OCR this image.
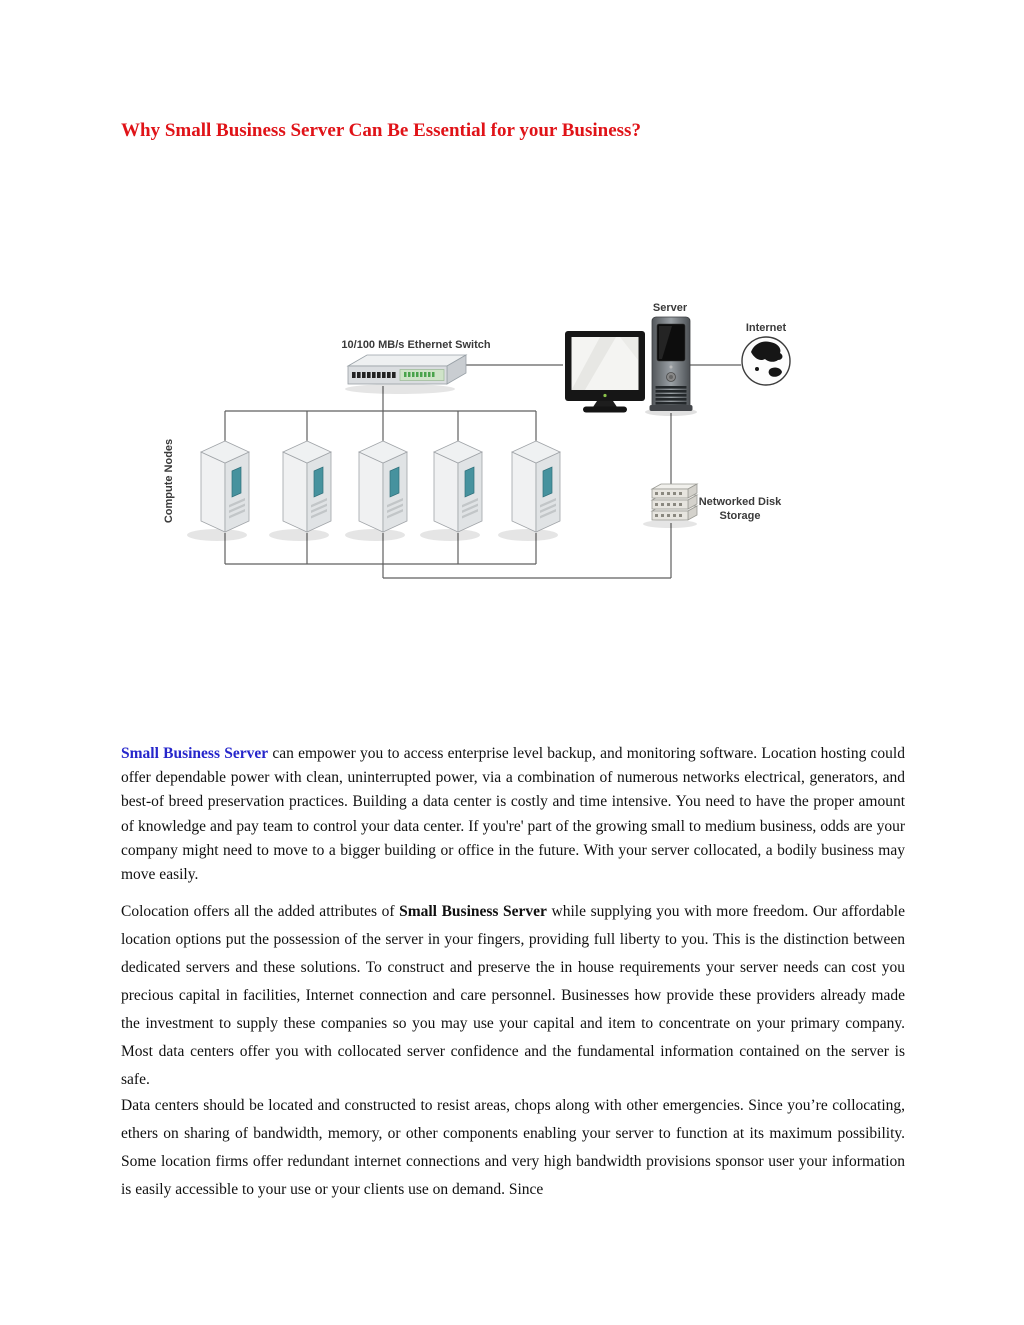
Why Small Business Server Can Be Essential for your Business?
10/100 MB/s Ethernet Switch
Server
Internet
Networked Disk
Storage
Compute Nodes

Small Business Server can empower you to access enterprise level backup, and monitoring software. Location hosting could offer dependable power with clean, uninterrupted power, via a combination of numerous networks electrical, generators, and best-of breed preservation practices. Building a data center is costly and time intensive. You need to have the proper amount of knowledge and pay team to control your data center. If you're' part of the growing small to medium business, odds are your company might need to move to a bigger building or office in the future. With your server collocated, a bodily business may move easily.

Colocation offers all the added attributes of Small Business Server while supplying you with more freedom. Our affordable location options put the possession of the server in your fingers, providing full liberty to you. This is the distinction between dedicated servers and these solutions. To construct and preserve the in house requirements your server needs can cost you precious capital in facilities, Internet connection and care personnel. Businesses how provide these providers already made the investment to supply these companies so you may use your capital and item to concentrate on your primary company. Most data centers offer you with collocated server confidence and the fundamental information contained on the server is safe.

Data centers should be located and constructed to resist areas, chops along with other emergencies. Since you’re collocating, ethers on sharing of bandwidth, memory, or other components enabling your server to function at its maximum possibility. Some location firms offer redundant internet connections and very high bandwidth provisions sponsor user your information is easily accessible to your use or your clients use on demand. Since
